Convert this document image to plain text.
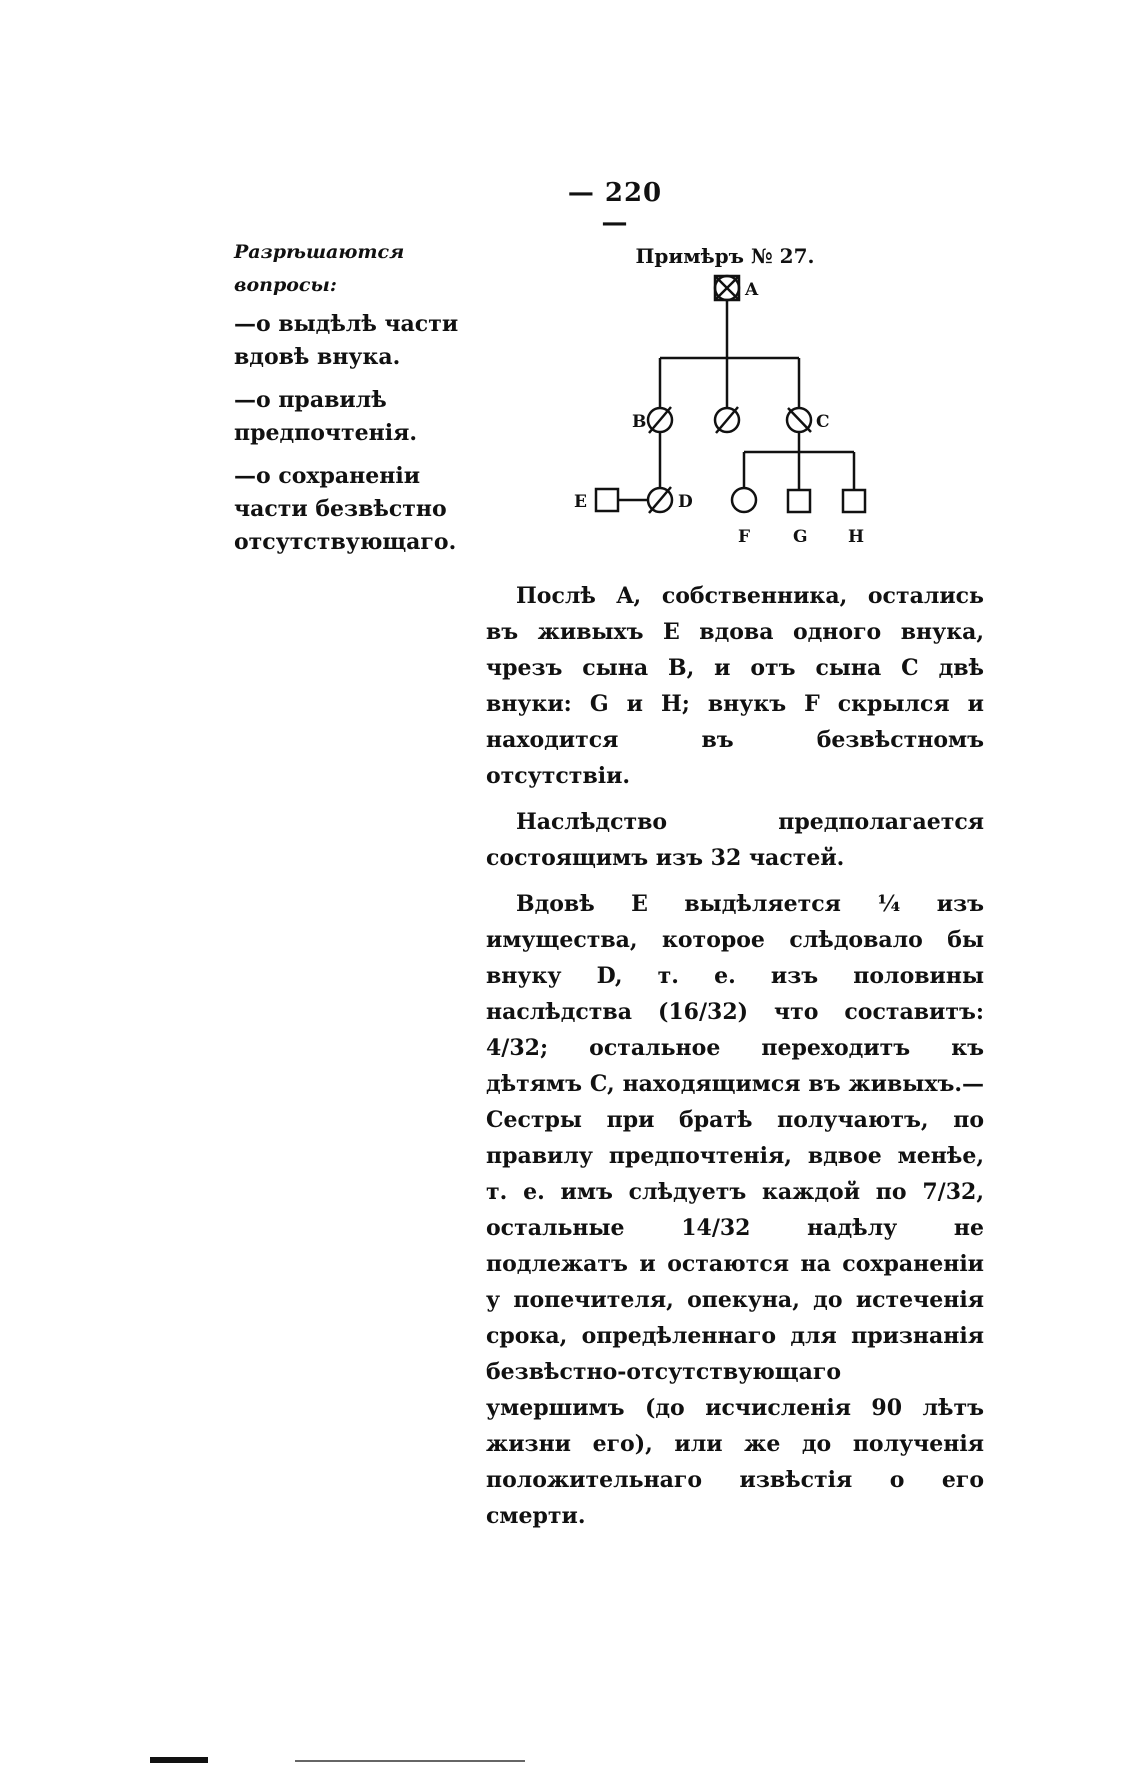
— 220 —
Разрѣшаются вопросы:
—о выдѣлѣ части вдовѣ внука.
—о правилѣ предпочтенія.
—о сохраненіи части безвѣстно отсутствующаго.
Примѣръ № 27.
A
B	C
E	D
F	G H

Послѣ A, собственника, остались въ живыхъ E вдова одного внука, чрезъ сына B, и отъ сына C двѣ внуки: G и H; внукъ F скрылся и находится въ безвѣстномъ отсутствіи.

Наслѣдство предполагается состоящимъ изъ 32 частей.

Вдовѣ E выдѣляется ¼ изъ имущества, которое слѣдовало бы внуку D, т. е. изъ половины наслѣдства (16/32) что составитъ: 4/32; остальное переходитъ къ дѣтямъ C, находящимся въ живыхъ.—Сестры при братѣ получаютъ, по правилу предпочтенія, вдвое менѣе, т. е. имъ слѣдуетъ каждой по 7/32, остальные 14/32 надѣлу не подлежатъ и остаются на сохраненіи у попечителя, опекуна, до истеченія срока, опредѣленнаго для признанія безвѣстно-отсутствующаго умершимъ (до исчисленія 90 лѣтъ жизни его), или же до полученія положительнаго извѣстія о его смерти.
